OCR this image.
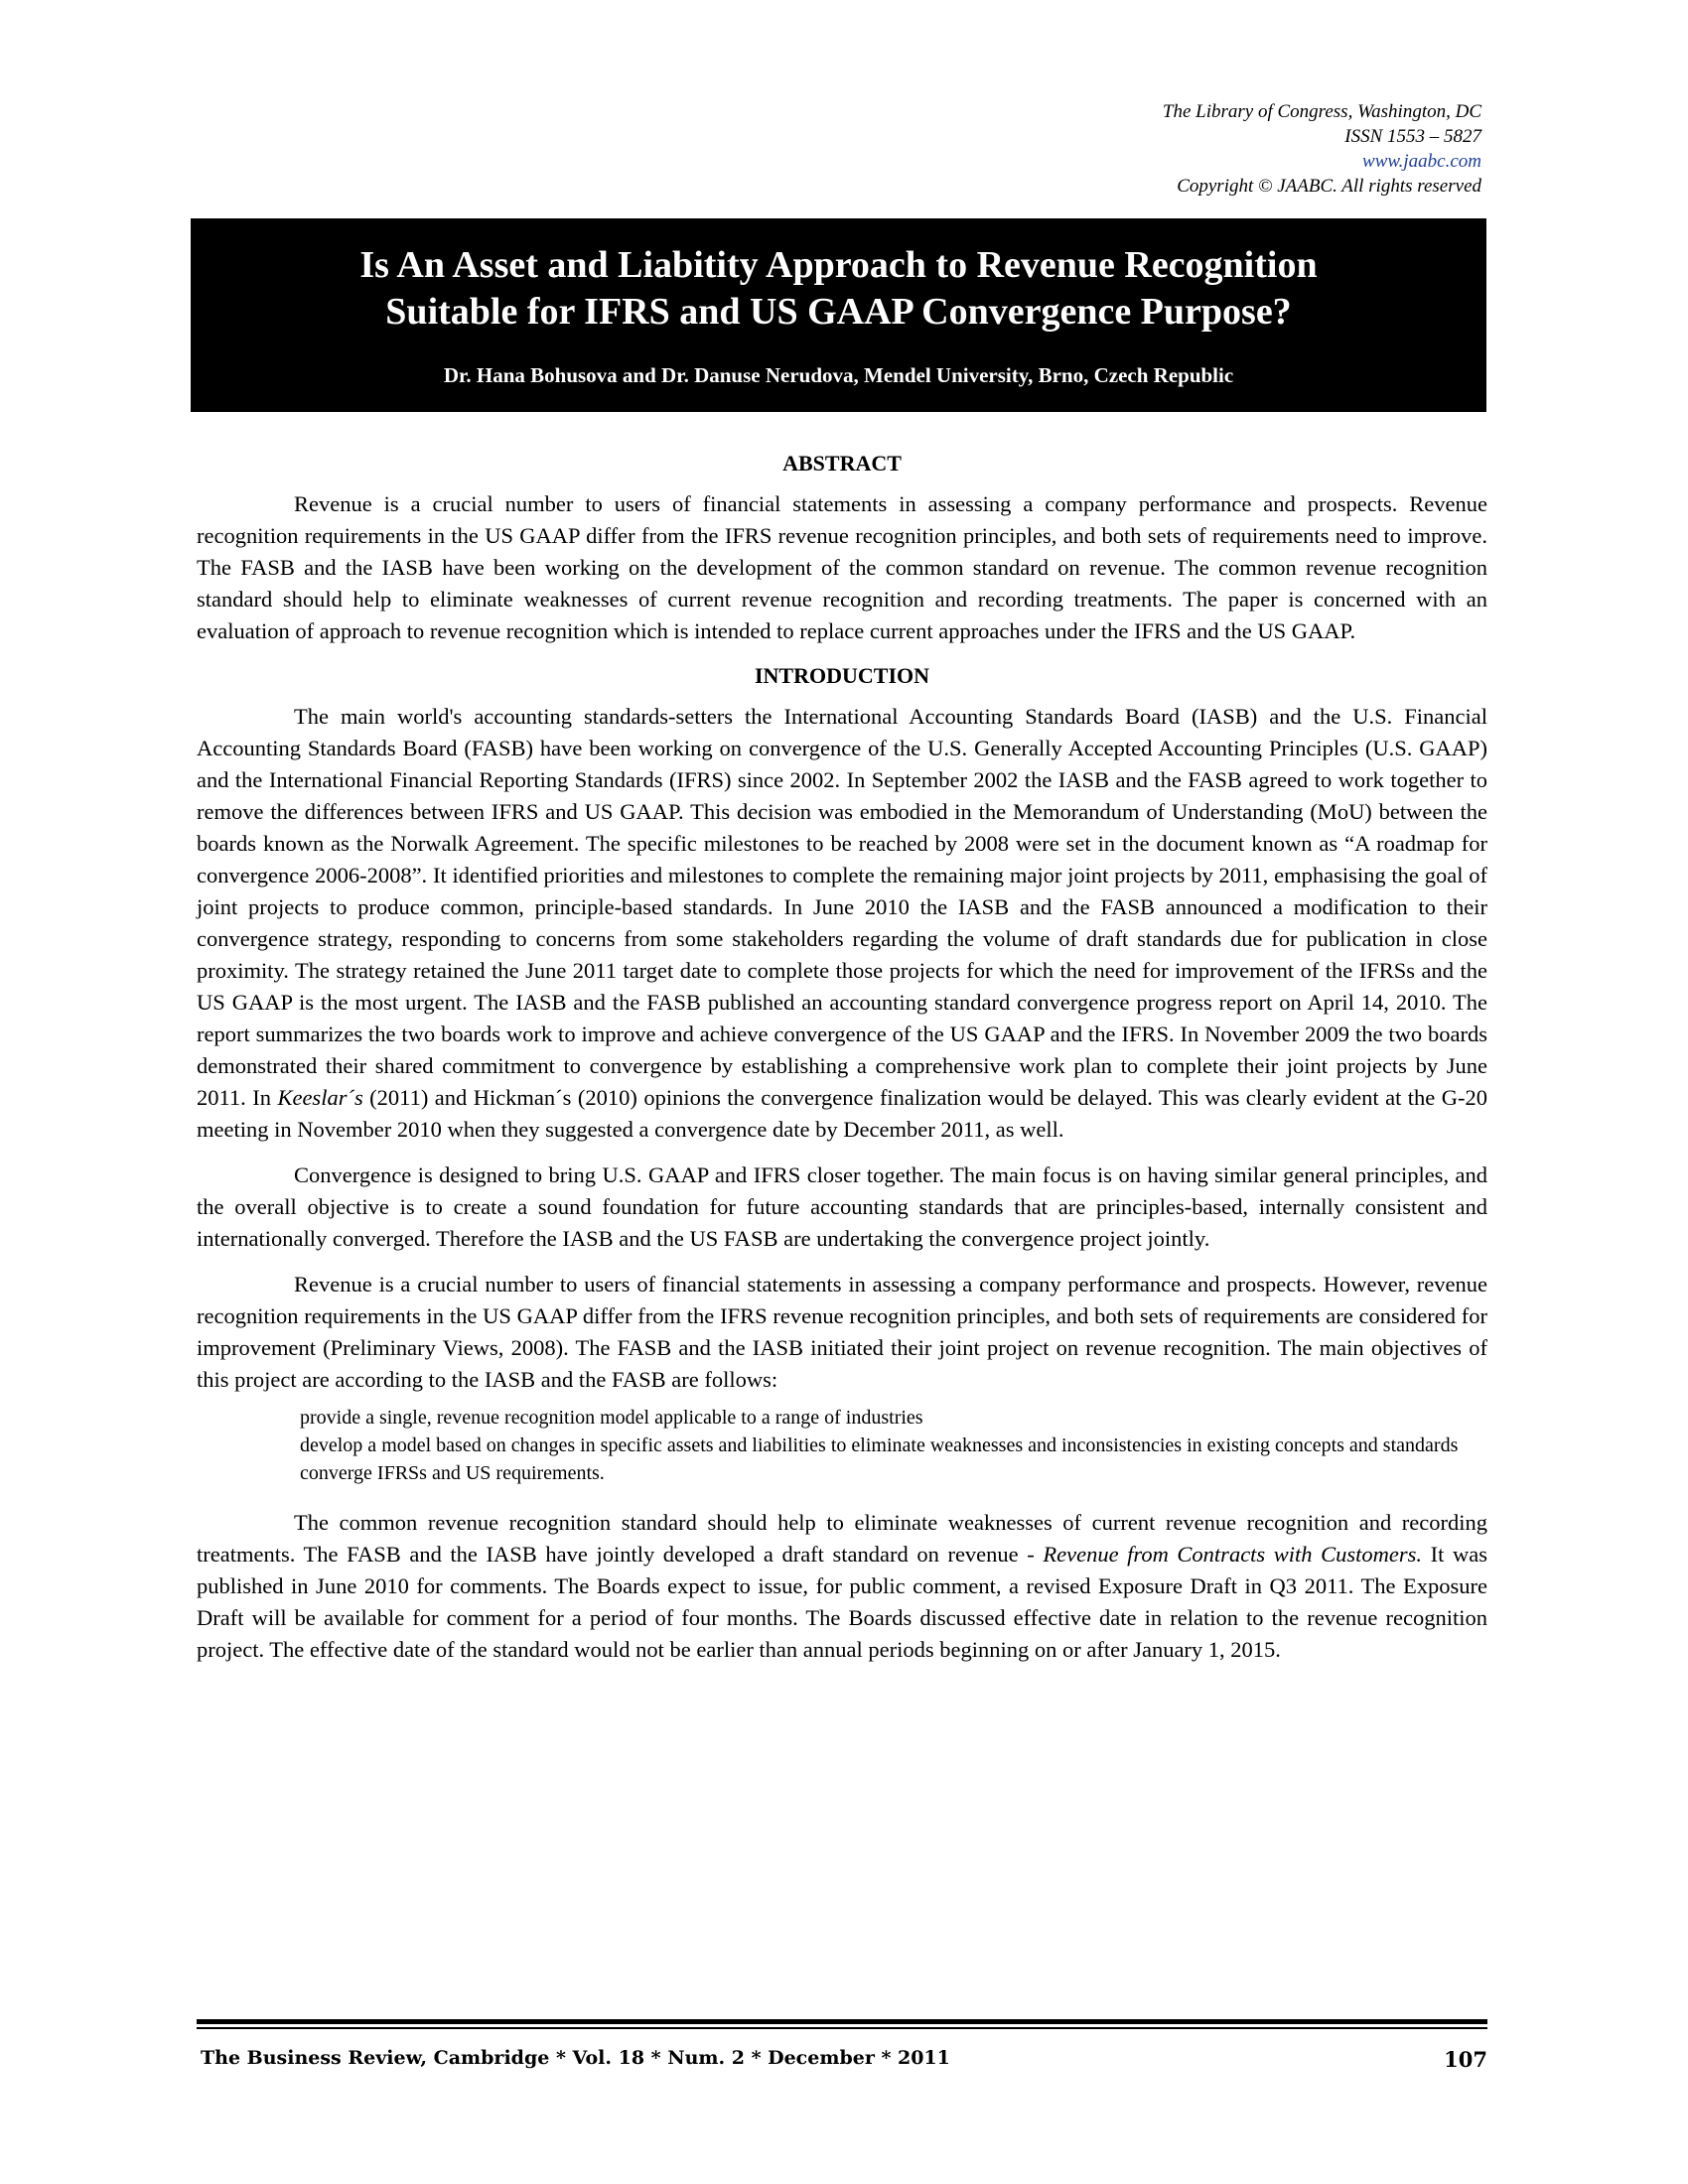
The Library of Congress, Washington, DC
ISSN 1553 – 5827
www.jaabc.com
Copyright © JAABC. All rights reserved
Is An Asset and Liabitity Approach to Revenue Recognition
Suitable for IFRS and US GAAP Convergence Purpose?
Dr. Hana Bohusova and Dr. Danuse Nerudova, Mendel University, Brno, Czech Republic
ABSTRACT

Revenue is a crucial number to users of financial statements in assessing a company performance and prospects. Revenue recognition requirements in the US GAAP differ from the IFRS revenue recognition principles, and both sets of requirements need to improve. The FASB and the IASB have been working on the development of the common standard on revenue. The common revenue recognition standard should help to eliminate weaknesses of current revenue recognition and recording treatments. The paper is concerned with an evaluation of approach to revenue recognition which is intended to replace current approaches under the IFRS and the US GAAP.

INTRODUCTION

The main world's accounting standards-setters the International Accounting Standards Board (IASB) and the U.S. Financial Accounting Standards Board (FASB) have been working on convergence of the U.S. Generally Accepted Accounting Principles (U.S. GAAP) and the International Financial Reporting Standards (IFRS) since 2002. In September 2002 the IASB and the FASB agreed to work together to remove the differences between IFRS and US GAAP. This decision was embodied in the Memorandum of Understanding (MoU) between the boards known as the Norwalk Agreement. The specific milestones to be reached by 2008 were set in the document known as “A roadmap for convergence 2006-2008”. It identified priorities and milestones to complete the remaining major joint projects by 2011, emphasising the goal of joint projects to produce common, principle-based standards. In June 2010 the IASB and the FASB announced a modification to their convergence strategy, responding to concerns from some stakeholders regarding the volume of draft standards due for publication in close proximity. The strategy retained the June 2011 target date to complete those projects for which the need for improvement of the IFRSs and the US GAAP is the most urgent. The IASB and the FASB published an accounting standard convergence progress report on April 14, 2010. The report summarizes the two boards work to improve and achieve convergence of the US GAAP and the IFRS. In November 2009 the two boards demonstrated their shared commitment to convergence by establishing a comprehensive work plan to complete their joint projects by June 2011. In Keeslar´s (2011) and Hickman´s (2010) opinions the convergence finalization would be delayed. This was clearly evident at the G-20 meeting in November 2010 when they suggested a convergence date by December 2011, as well.

Convergence is designed to bring U.S. GAAP and IFRS closer together. The main focus is on having similar general principles, and the overall objective is to create a sound foundation for future accounting standards that are principles-based, internally consistent and internationally converged. Therefore the IASB and the US FASB are undertaking the convergence project jointly.

Revenue is a crucial number to users of financial statements in assessing a company performance and prospects. However, revenue recognition requirements in the US GAAP differ from the IFRS revenue recognition principles, and both sets of requirements are considered for improvement (Preliminary Views, 2008). The FASB and the IASB initiated their joint project on revenue recognition. The main objectives of this project are according to the IASB and the FASB are follows:

provide a single, revenue recognition model applicable to a range of industries
develop a model based on changes in specific assets and liabilities to eliminate weaknesses and inconsistencies in existing concepts and standards
converge IFRSs and US requirements.

The common revenue recognition standard should help to eliminate weaknesses of current revenue recognition and recording treatments. The FASB and the IASB have jointly developed a draft standard on revenue - Revenue from Contracts with Customers. It was published in June 2010 for comments. The Boards expect to issue, for public comment, a revised Exposure Draft in Q3 2011. The Exposure Draft will be available for comment for a period of four months. The Boards discussed effective date in relation to the revenue recognition project. The effective date of the standard would not be earlier than annual periods beginning on or after January 1, 2015.

The Business Review, Cambridge * Vol. 18 * Num. 2 * December * 2011	107
